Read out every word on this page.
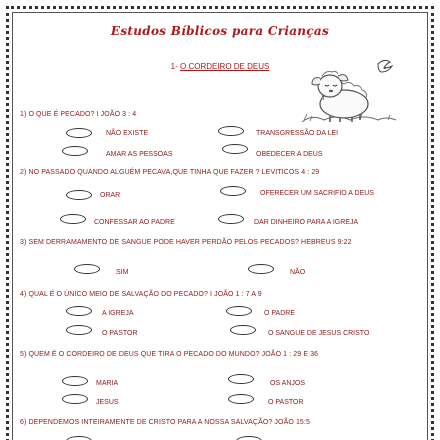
Estudos Bíblicos para Crianças
1- O CORDEIRO DE DEUS
1) O QUE É PECADO? I JOÃO 3 : 4
NÃO EXISTE	TRANSGRESSÃO DA LEI
AMAR AS PESSOAS	OBEDECER A DEUS
2) NO PASSADO QUANDO ALGUÉM PECAVA,QUE TINHA QUE FAZER ? LEVITICOS 4 : 29
ORAR	OFERECER UM SACRIFIO A DEUS
CONFESSAR AO PADRE	DAR DINHEIRO PARA A IGREJA
3) SEM DERRAMAMENTO DE SANGUE PODE HAVER PERDÃO PELOS PECADOS? HEBREUS 9:22
SIM	NÃO
4) QUAL É O ÚNICO MEIO DE SALVAÇÃO DO PECADO? I JOÃO 1 : 7 A 9
A IGREJA	O PADRE
O PASTOR	O SANGUE DE JESUS CRISTO
5) QUEM É O CORDEIRO DE DEUS QUE TIRA O PECADO DO MUNDO? JOÃO 1 : 29 E 36
MARIA	OS ANJOS
JESUS	O PASTOR
6) DEPENDEMOS INTEIRAMENTE DE CRISTO PARA A NOSSA SALVAÇÃO? JOÃO 15:5
